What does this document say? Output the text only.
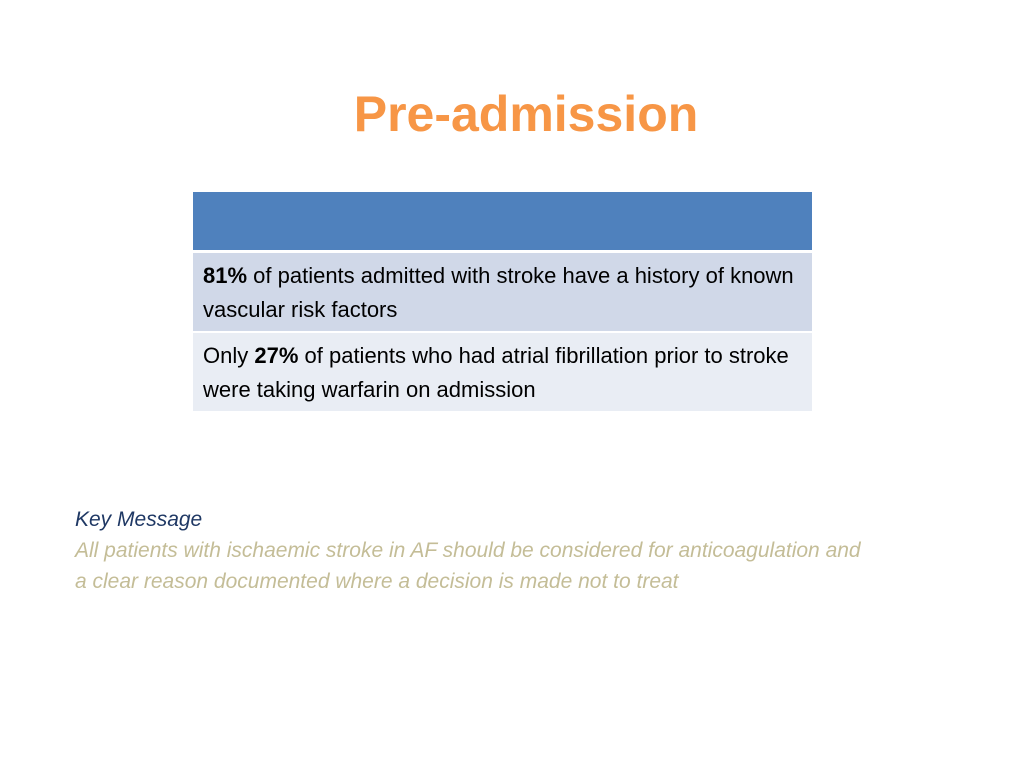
Pre-admission

81% of patients admitted with stroke have a history of known vascular risk factors
Only 27% of patients who had atrial fibrillation prior to stroke were taking warfarin on admission
Key Message
All patients with ischaemic stroke in AF should be considered for anticoagulation and a clear reason documented where a decision is made not to treat
